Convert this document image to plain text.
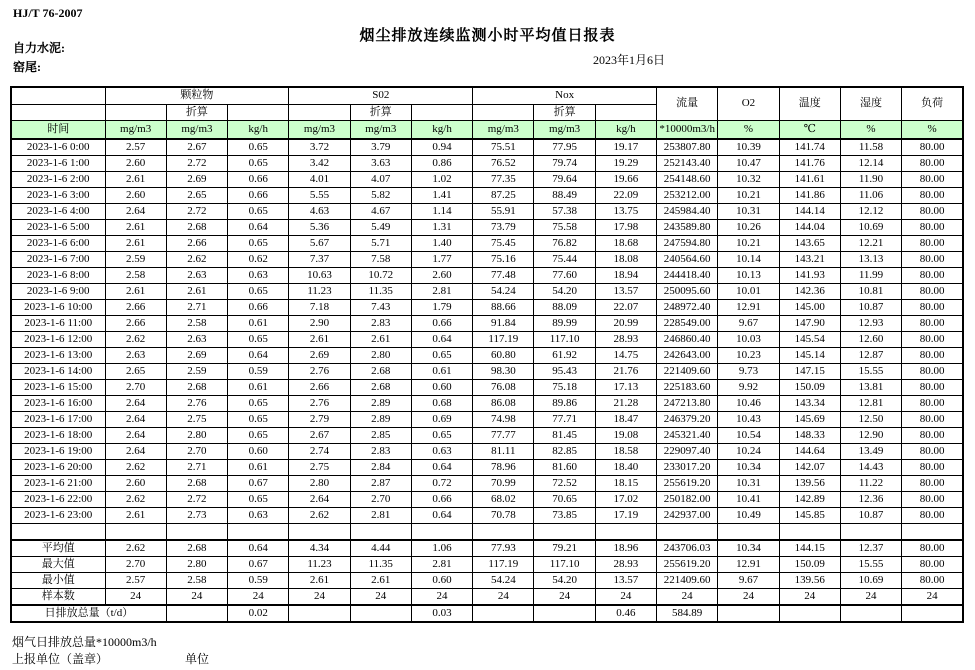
HJ/T 76-2007
烟尘排放连续监测小时平均值日报表
自力水泥:
窑尾:	2023年1月6日
	颗粒物			S02			Nox			流量	O2	温度	湿度	负荷
		折算			折算			折算						
时间	mg/m3	mg/m3	kg/h	mg/m3	mg/m3	kg/h	mg/m3	mg/m3	kg/h	*10000m3/h	%	℃	%	%
2023-1-6 0:00	2.57	2.67	0.65	3.72	3.79	0.94	75.51	77.95	19.17	253807.80	10.39	141.74	11.58	80.00
2023-1-6 1:00	2.60	2.72	0.65	3.42	3.63	0.86	76.52	79.74	19.29	252143.40	10.47	141.76	12.14	80.00
2023-1-6 2:00	2.61	2.69	0.66	4.01	4.07	1.02	77.35	79.64	19.66	254148.60	10.32	141.61	11.90	80.00
2023-1-6 3:00	2.60	2.65	0.66	5.55	5.82	1.41	87.25	88.49	22.09	253212.00	10.21	141.86	11.06	80.00
2023-1-6 4:00	2.64	2.72	0.65	4.63	4.67	1.14	55.91	57.38	13.75	245984.40	10.31	144.14	12.12	80.00
2023-1-6 5:00	2.61	2.68	0.64	5.36	5.49	1.31	73.79	75.58	17.98	243589.80	10.26	144.04	10.69	80.00
2023-1-6 6:00	2.61	2.66	0.65	5.67	5.71	1.40	75.45	76.82	18.68	247594.80	10.21	143.65	12.21	80.00
2023-1-6 7:00	2.59	2.62	0.62	7.37	7.58	1.77	75.16	75.44	18.08	240564.60	10.14	143.21	13.13	80.00
2023-1-6 8:00	2.58	2.63	0.63	10.63	10.72	2.60	77.48	77.60	18.94	244418.40	10.13	141.93	11.99	80.00
2023-1-6 9:00	2.61	2.61	0.65	11.23	11.35	2.81	54.24	54.20	13.57	250095.60	10.01	142.36	10.81	80.00
2023-1-6 10:00	2.66	2.71	0.66	7.18	7.43	1.79	88.66	88.09	22.07	248972.40	12.91	145.00	10.87	80.00
2023-1-6 11:00	2.66	2.58	0.61	2.90	2.83	0.66	91.84	89.99	20.99	228549.00	9.67	147.90	12.93	80.00
2023-1-6 12:00	2.62	2.63	0.65	2.61	2.61	0.64	117.19	117.10	28.93	246860.40	10.03	145.54	12.60	80.00
2023-1-6 13:00	2.63	2.69	0.64	2.69	2.80	0.65	60.80	61.92	14.75	242643.00	10.23	145.14	12.87	80.00
2023-1-6 14:00	2.65	2.59	0.59	2.76	2.68	0.61	98.30	95.43	21.76	221409.60	9.73	147.15	15.55	80.00
2023-1-6 15:00	2.70	2.68	0.61	2.66	2.68	0.60	76.08	75.18	17.13	225183.60	9.92	150.09	13.81	80.00
2023-1-6 16:00	2.64	2.76	0.65	2.76	2.89	0.68	86.08	89.86	21.28	247213.80	10.46	143.34	12.81	80.00
2023-1-6 17:00	2.64	2.75	0.65	2.79	2.89	0.69	74.98	77.71	18.47	246379.20	10.43	145.69	12.50	80.00
2023-1-6 18:00	2.64	2.80	0.65	2.67	2.85	0.65	77.77	81.45	19.08	245321.40	10.54	148.33	12.90	80.00
2023-1-6 19:00	2.64	2.70	0.60	2.74	2.83	0.63	81.11	82.85	18.58	229097.40	10.24	144.64	13.49	80.00
2023-1-6 20:00	2.62	2.71	0.61	2.75	2.84	0.64	78.96	81.60	18.40	233017.20	10.34	142.07	14.43	80.00
2023-1-6 21:00	2.60	2.68	0.67	2.80	2.87	0.72	70.99	72.52	18.15	255619.20	10.31	139.56	11.22	80.00
2023-1-6 22:00	2.62	2.72	0.65	2.64	2.70	0.66	68.02	70.65	17.02	250182.00	10.41	142.89	12.36	80.00
2023-1-6 23:00	2.61	2.73	0.63	2.62	2.81	0.64	70.78	73.85	17.19	242937.00	10.49	145.85	10.87	80.00

平均值	2.62	2.68	0.64	4.34	4.44	1.06	77.93	79.21	18.96	243706.03	10.34	144.15	12.37	80.00
最大值	2.70	2.80	0.67	11.23	11.35	2.81	117.19	117.10	28.93	255619.20	12.91	150.09	15.55	80.00
最小值	2.57	2.58	0.59	2.61	2.61	0.60	54.24	54.20	13.57	221409.60	9.67	139.56	10.69	80.00
样本数	24	24	24	24	24	24	24	24	24	24	24	24	24	24
日排放总量（t/d）			0.02			0.03			0.46	584.89				
烟气日排放总量*10000m3/h
上报单位（盖章）	单位
